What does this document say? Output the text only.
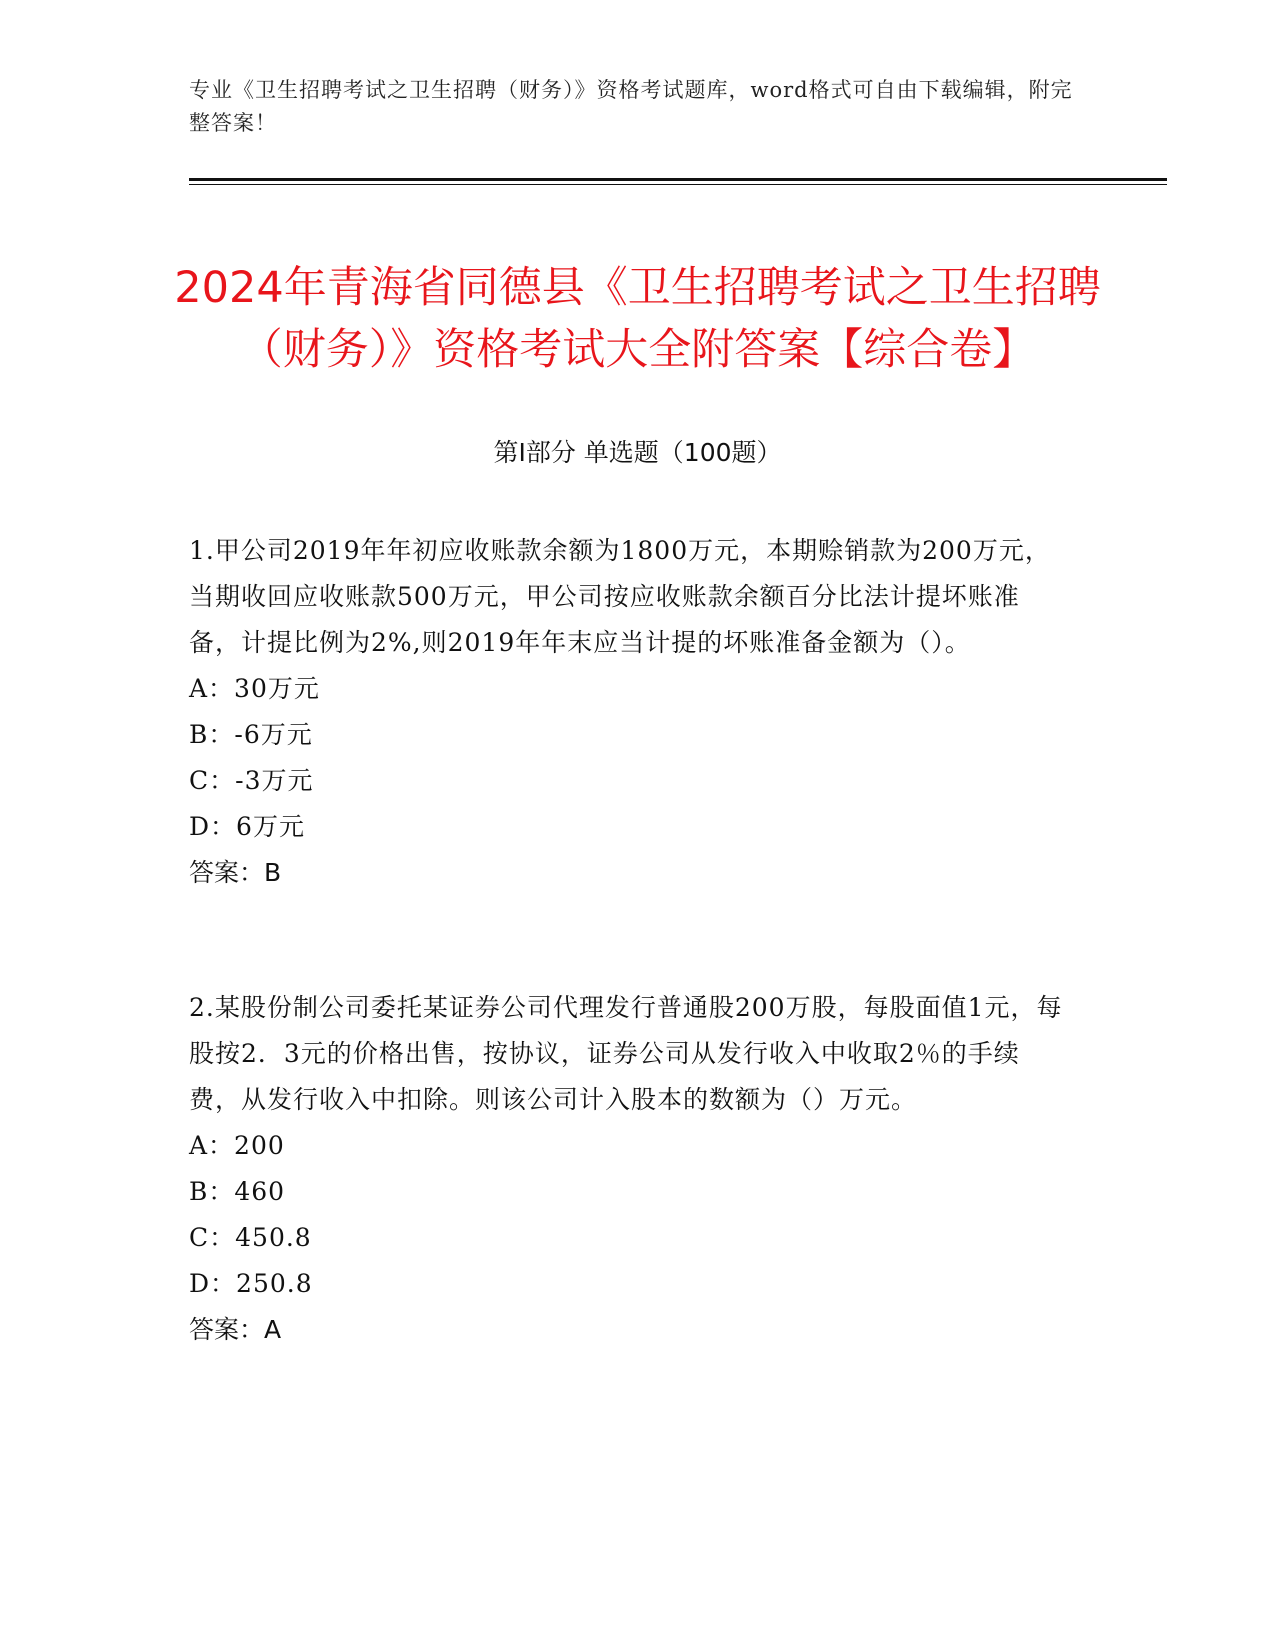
专业《卫生招聘考试之卫生招聘（财务）》资格考试题库，word格式可自由下载编辑，附完整答案！
2024年青海省同德县《卫生招聘考试之卫生招聘（财务）》资格考试大全附答案【综合卷】
第I部分 单选题（100题）

1.甲公司2019年年初应收账款余额为1800万元，本期赊销款为200万元，当期收回应收账款500万元，甲公司按应收账款余额百分比法计提坏账准备，计提比例为2%,则2019年年末应当计提的坏账准备金额为（）。

A：30万元

B：-6万元

C：-3万元

D：6万元

答案：B

2.某股份制公司委托某证券公司代理发行普通股200万股，每股面值1元，每股按2．3元的价格出售，按协议，证券公司从发行收入中收取2％的手续费，从发行收入中扣除。则该公司计入股本的数额为（）万元。

A：200

B：460

C：450.8

D：250.8

答案：A
